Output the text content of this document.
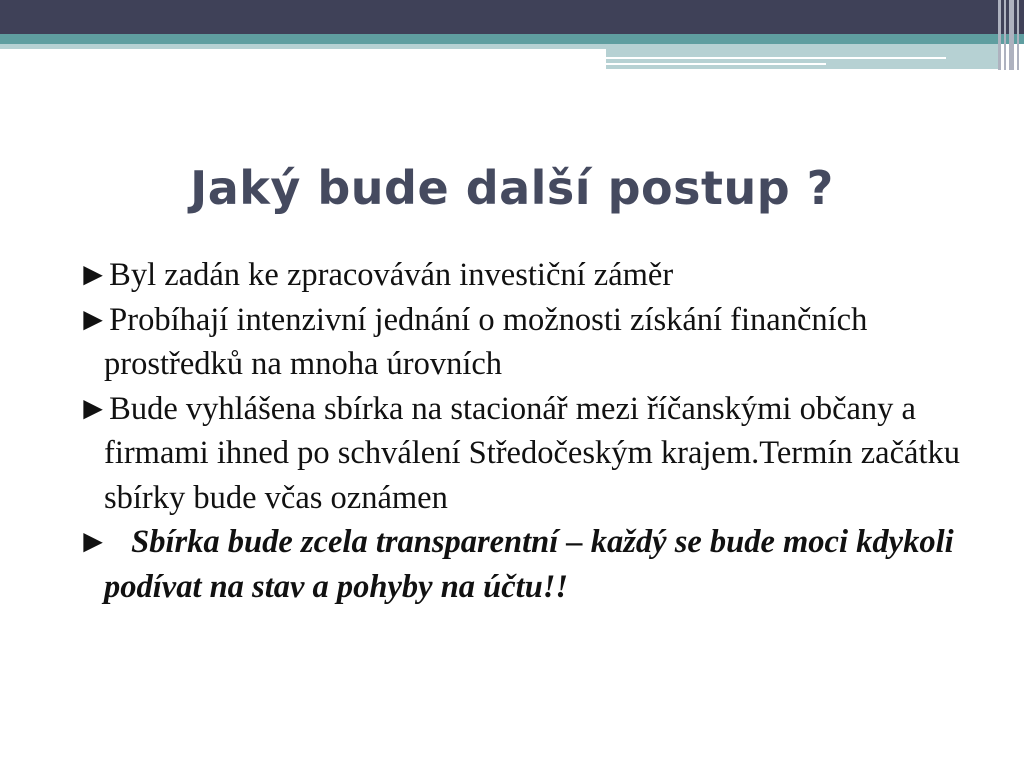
Jaký bude další postup ?

►Byl zadán ke zpracováván investiční záměr

►Probíhají intenzivní jednání o možnosti získání finančních prostředků na mnoha úrovních

►Bude vyhlášena sbírka na stacionář mezi říčanskými občany a firmami ihned po schválení Středočeským krajem.Termín začátku sbírky bude včas oznámen

► Sbírka bude zcela transparentní – každý se bude moci kdykoli podívat na stav a pohyby na účtu!!
